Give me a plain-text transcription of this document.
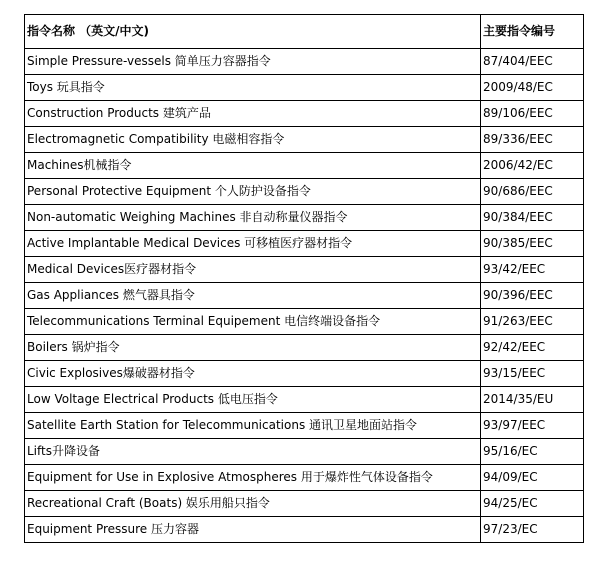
指令名称 （英文/中文)	主要指令编号
Simple Pressure-vessels 简单压力容器指令	87/404/EEC
Toys 玩具指令	2009/48/EC
Construction Products 建筑产品	89/106/EEC
Electromagnetic Compatibility 电磁相容指令	89/336/EEC
Machines机械指令	2006/42/EC
Personal Protective Equipment 个人防护设备指令	90/686/EEC
Non-automatic Weighing Machines 非自动称量仪器指令	90/384/EEC
Active Implantable Medical Devices 可移植医疗器材指令	90/385/EEC
Medical Devices医疗器材指令	93/42/EEC
Gas Appliances 燃气器具指令	90/396/EEC
Telecommunications Terminal Equipement 电信终端设备指令	91/263/EEC
Boilers 锅炉指令	92/42/EEC
Civic Explosives爆破器材指令	93/15/EEC
Low Voltage Electrical Products 低电压指令	2014/35/EU
Satellite Earth Station for Telecommunications 通讯卫星地面站指令	93/97/EEC
Lifts升降设备	95/16/EC
Equipment for Use in Explosive Atmospheres 用于爆炸性气体设备指令	94/09/EC
Recreational Craft (Boats) 娱乐用船只指令	94/25/EC
Equipment Pressure 压力容器	97/23/EC
